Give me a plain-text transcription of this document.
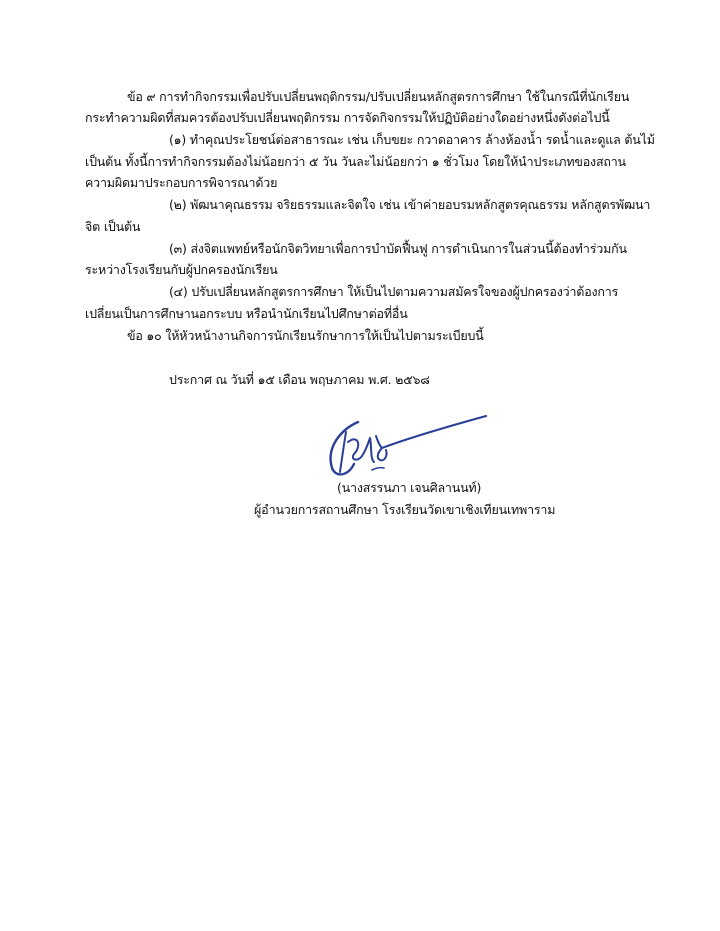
ข้อ ๙ การทำกิจกรรมเพื่อปรับเปลี่ยนพฤติกรรม/ปรับเปลี่ยนหลักสูตรการศึกษา ใช้ในกรณีที่นักเรียน
กระทำความผิดที่สมควรต้องปรับเปลี่ยนพฤติกรรม การจัดกิจกรรมให้ปฏิบัติอย่างใดอย่างหนึ่งดังต่อไปนี้
(๑) ทำคุณประโยชน์ต่อสาธารณะ เช่น เก็บขยะ กวาดอาคาร ล้างห้องน้ำ รดน้ำและดูแล ต้นไม้
เป็นต้น ทั้งนี้การทำกิจกรรมต้องไม่น้อยกว่า ๕ วัน วันละไม่น้อยกว่า ๑ ชั่วโมง โดยให้นำประเภทของสถาน
ความผิดมาประกอบการพิจารณาด้วย
(๒) พัฒนาคุณธรรม จริยธรรมและจิตใจ เช่น เข้าค่ายอบรมหลักสูตรคุณธรรม หลักสูตรพัฒนา
จิต เป็นต้น
(๓) ส่งจิตแพทย์หรือนักจิตวิทยาเพื่อการบำบัดฟื้นฟู การดำเนินการในส่วนนี้ต้องทำร่วมกัน
ระหว่างโรงเรียนกับผู้ปกครองนักเรียน
(๔) ปรับเปลี่ยนหลักสูตรการศึกษา ให้เป็นไปตามความสมัครใจของผู้ปกครองว่าต้องการ
เปลี่ยนเป็นการศึกษานอกระบบ หรือนำนักเรียนไปศึกษาต่อที่อื่น
ข้อ ๑๐ ให้หัวหน้างานกิจการนักเรียนรักษาการให้เป็นไปตามระเบียบนี้
ประกาศ ณ วันที่ ๑๕ เดือน พฤษภาคม พ.ศ. ๒๕๖๘
(นางสรรนภา เจนศิลานนท์)
ผู้อำนวยการสถานศึกษา โรงเรียนวัดเขาเชิงเทียนเทพาราม
